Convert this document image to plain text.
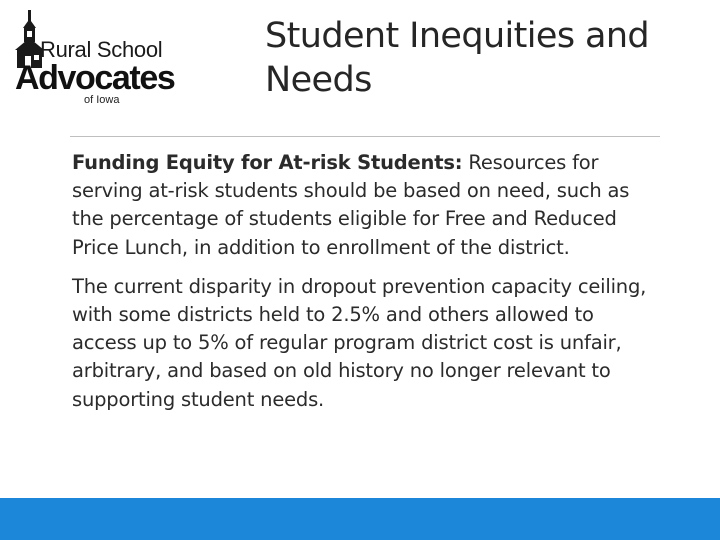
Rural School
Advocates
of Iowa
Student Inequities and Needs

Funding Equity for At-risk Students: Resources for serving at-risk students should be based on need, such as the percentage of students eligible for Free and Reduced Price Lunch, in addition to enrollment of the district.

The current disparity in dropout prevention capacity ceiling, with some districts held to 2.5% and others allowed to access up to 5% of regular program district cost is unfair, arbitrary, and based on old history no longer relevant to supporting student needs.
